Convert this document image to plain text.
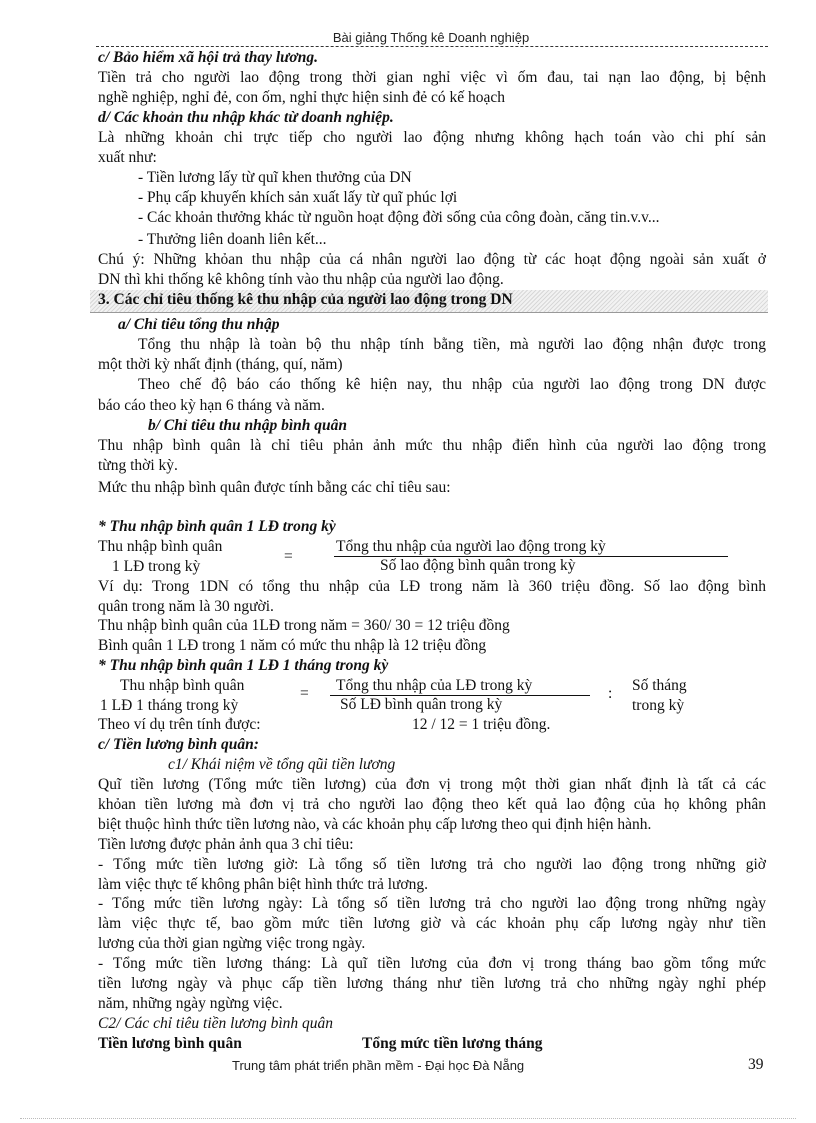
Bài giảng Thống kê Doanh nghiệp
c/ Bảo hiểm xã hội trả thay lương.
Tiền trả cho người lao động trong thời gian nghỉ việc vì ốm đau, tai nạn lao động, bị bệnh
nghề nghiệp, nghỉ đẻ, con ốm, nghỉ thực hiện sinh đẻ có kế hoạch
d/ Các khoản thu nhập khác từ doanh nghiệp.
Là những khoản chi trực tiếp cho người lao động nhưng không hạch toán vào chi phí sản
xuất như:
- Tiền lương lấy từ quĩ khen thưởng của DN
- Phụ cấp khuyến khích sản xuất lấy từ quĩ phúc lợi
- Các khoản thưởng khác từ nguồn hoạt động đời sống của công đoàn, căng tin.v.v...
- Thưởng liên doanh liên kết...
Chú ý: Những khỏan thu nhập của cá nhân người lao động từ các hoạt động ngoài sản xuất ở
DN thì khi thống kê không tính vào thu nhập của người lao động.
3. Các chỉ tiêu thống kê thu nhập của người lao động trong DN
a/ Chỉ tiêu tổng thu nhập
Tổng thu nhập là toàn bộ thu nhập tính bằng tiền, mà người lao động nhận được trong
một thời kỳ nhất định (tháng, quí, năm)
Theo chế độ báo cáo thống kê hiện nay, thu nhập của người lao động trong DN được
báo cáo theo kỳ hạn 6 tháng và năm.
b/ Chỉ tiêu thu nhập bình quân
Thu nhập bình quân là chỉ tiêu phản ảnh mức thu nhập điển hình của người lao động trong
từng thời kỳ.
Mức thu nhập bình quân được tính bằng các chỉ tiêu sau:
* Thu nhập bình quân 1 LĐ trong kỳ
Thu nhập bình quân
1 LĐ trong kỳ
=
Tổng thu nhập của người lao động trong kỳ
Số lao động bình quân trong kỳ
Ví dụ: Trong 1DN có tổng thu nhập của LĐ trong năm là 360 triệu đồng. Số lao động bình
quân trong năm là 30 người.
Thu nhập bình quân của 1LĐ trong năm = 360/ 30 = 12 triệu đồng
Bình quân 1 LĐ trong 1 năm có mức thu nhập là 12 triệu đồng
* Thu nhập bình quân 1 LĐ 1 tháng trong kỳ
Thu nhập bình quân
1 LĐ 1 tháng trong kỳ
= Tổng thu nhập của LĐ trong kỳ
Số LĐ bình quân trong kỳ
: Số tháng
trong kỳ
Theo ví dụ trên tính được:	12 / 12 = 1 triệu đồng.
c/ Tiền lương bình quân:
c1/ Khái niệm về tổng qũi tiền lương
Quĩ tiền lương (Tổng mức tiền lương) của đơn vị trong một thời gian nhất định là tất cả các
khỏan tiền lương mà đơn vị trả cho người lao động theo kết quả lao động của họ không phân
biệt thuộc hình thức tiền lương nào, và các khoản phụ cấp lương theo qui định hiện hành.
Tiền lương được phản ảnh qua 3 chỉ tiêu:
- Tổng mức tiền lương giờ: Là tổng số tiền lương trả cho người lao động trong những giờ
làm việc thực tế không phân biệt hình thức trả lương.
- Tổng mức tiền lương ngày: Là tổng số tiền lương trả cho người lao động trong những ngày
làm việc thực tế, bao gồm mức tiền lương giờ và các khoản phụ cấp lương ngày như tiền
lương của thời gian ngừng việc trong ngày.
- Tổng mức tiền lương tháng: Là quĩ tiền lương của đơn vị trong tháng bao gồm tổng mức
tiền lương ngày và phục cấp tiền lương tháng như tiền lương trả cho những ngày nghỉ phép
năm, những ngày ngừng việc.
C2/ Các chỉ tiêu tiền lương bình quân
Tiền lương bình quân	Tổng mức tiền lương tháng
Trung tâm phát triển phần mềm - Đại học Đà Nẵng	39
